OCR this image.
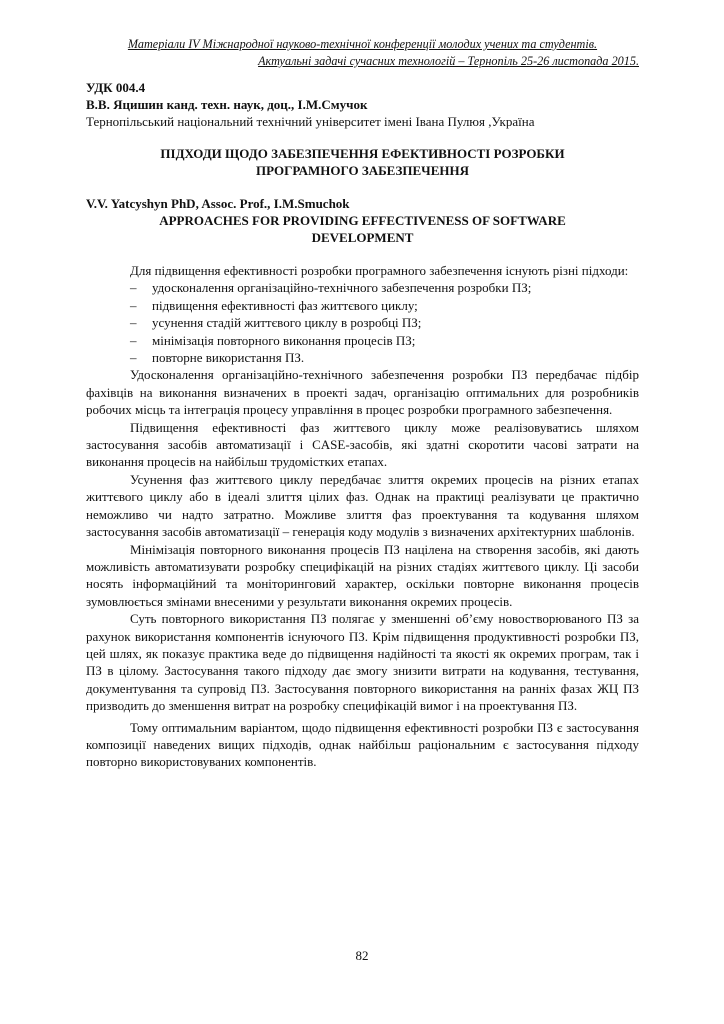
Матеріали IV Міжнародної науково-технічної конференції молодих учених та студентів.
Актуальні задачі сучасних технологій – Тернопіль 25-26 листопада 2015.
УДК 004.4
В.В. Яцишин канд. техн. наук, доц., І.М.Смучок
Тернопільський національний технічний університет імені Івана Пулюя ,Україна
ПІДХОДИ ЩОДО ЗАБЕЗПЕЧЕННЯ ЕФЕКТИВНОСТІ РОЗРОБКИ ПРОГРАМНОГО ЗАБЕЗПЕЧЕННЯ
V.V. Yatcyshyn PhD, Assoc. Prof., I.M.Smuchok
APPROACHES FOR PROVIDING EFFECTIVENESS OF SOFTWARE DEVELOPMENT

Для підвищення ефективності розробки програмного забезпечення існують різні підходи:

– удосконалення організаційно-технічного забезпечення розробки ПЗ;
– підвищення ефективності фаз життєвого циклу;
– усунення стадій життєвого циклу в розробці ПЗ;
– мінімізація повторного виконання процесів ПЗ;
– повторне використання ПЗ.

Удосконалення організаційно-технічного забезпечення розробки ПЗ передбачає підбір фахівців на виконання визначених в проекті задач, організацію оптимальних для розробників робочих місць та інтеграція процесу управління в процес розробки програмного забезпечення.

Підвищення ефективності фаз життєвого циклу може реалізовуватись шляхом застосування засобів автоматизації і CASE-засобів, які здатні скоротити часові затрати на виконання процесів на найбільш трудомістких етапах.

Усунення фаз життєвого циклу передбачає злиття окремих процесів на різних етапах життєвого циклу або в ідеалі злиття цілих фаз. Однак на практиці реалізувати це практично неможливо чи надто затратно. Можливе злиття фаз проектування та кодування шляхом застосування засобів автоматизації – генерація коду модулів з визначених архітектурних шаблонів.

Мінімізація повторного виконання процесів ПЗ націлена на створення засобів, які дають можливість автоматизувати розробку специфікацій на різних стадіях життєвого циклу. Ці засоби носять інформаційний та моніторинговий характер, оскільки повторне виконання процесів зумовлюється змінами внесеними у результати виконання окремих процесів.

Суть повторного використання ПЗ полягає у зменшенні об’єму новостворюваного ПЗ за рахунок використання компонентів існуючого ПЗ. Крім підвищення продуктивності розробки ПЗ, цей шлях, як показує практика веде до підвищення надійності та якості як окремих програм, так і ПЗ в цілому. Застосування такого підходу дає змогу знизити витрати на кодування, тестування, документування та супровід ПЗ. Застосування повторного використання на ранніх фазах ЖЦ ПЗ призводить до зменшення витрат на розробку специфікацій вимог і на проектування ПЗ.

Тому оптимальним варіантом, щодо підвищення ефективності розробки ПЗ є застосування композиції наведених вищих підходів, однак найбільш раціональним є застосування підходу повторно використовуваних компонентів.

82
